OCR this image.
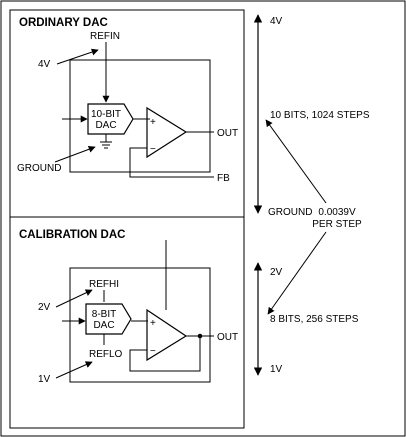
ORDINARY DAC
REFIN
4V
10-BIT
DAC
GROUND
+
−
OUT
FB
4V
GROUND
10 BITS, 1024 STEPS
CALIBRATION DAC
REFHI
2V
8-BIT
DAC
REFLO
1V
+
−
OUT
2V
1V
8 BITS, 256 STEPS
0.0039V
PER STEP
